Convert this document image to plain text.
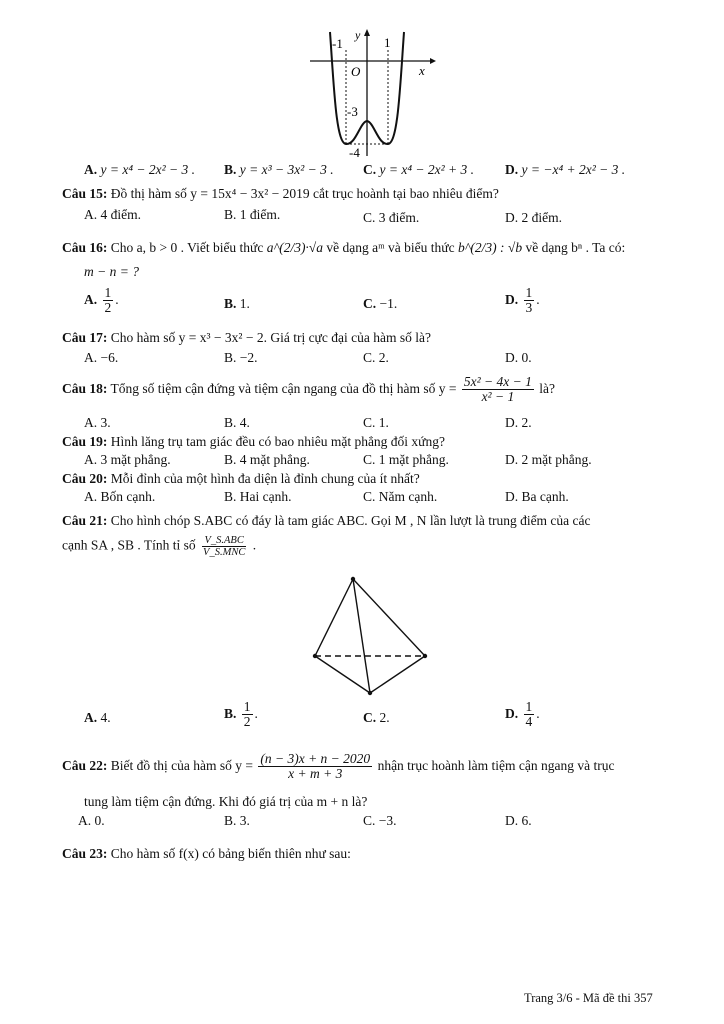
-1
y 1
O	x
-3
-4
A. y = x⁴ − 2x² − 3 . B. y = x³ − 3x² − 3 . C. y = x⁴ − 2x² + 3 . D. y = −x⁴ + 2x² − 3 .
Câu 15: Đồ thị hàm số y = 15x⁴ − 3x² − 2019 cắt trục hoành tại bao nhiêu điểm?
A. 4 điểm.	B. 1 điểm.	C. 3 điểm.	D. 2 điểm.
Câu 16: Cho a, b > 0 . Viết biểu thức a^(2/3)·√a về dạng aᵐ và biểu thức b^(2/3) : √b về dạng bⁿ . Ta có:
m − n = ?
A. $\frac{1}{2}$ .	B. 1.	C. −1.	D. $\frac{1}{3}$ .
Câu 17: Cho hàm số y = x³ − 3x² − 2. Giá trị cực đại của hàm số là?
A. −6.	B. −2.	C. 2.	D. 0.
Câu 18: Tổng số tiệm cận đứng và tiệm cận ngang của đồ thị hàm số $y = \frac{\text{5x² − 4x − 1}}{\text{x² − 1}}$ là?
A. 3.	B. 4.	C. 1.	D. 2.
Câu 19: Hình lăng trụ tam giác đều có bao nhiêu mặt phẳng đối xứng?
A. 3 mặt phẳng.	B. 4 mặt phẳng.	C. 1 mặt phẳng.	D. 2 mặt phẳng.
Câu 20: Mỗi đỉnh của một hình đa diện là đỉnh chung của ít nhất?
A. Bốn cạnh.	B. Hai cạnh.	C. Năm cạnh.	D. Ba cạnh.
Câu 21: Cho hình chóp S.ABC có đáy là tam giác ABC. Gọi M , N lần lượt là trung điểm của các
cạnh SA , SB . Tính tỉ số $\frac{\text{V\_S.ABC}}{\text{V\_S.MNC}}$ .
A. 4.	B. $\frac{1}{2}$ .	C. 2.	D. $\frac{1}{4}$ .
Câu 22: Biết đồ thị của hàm số $y = \frac{(n - 3)x + n - 2020}{x + m + 3}$ nhận trục hoành làm tiệm cận ngang và trục
tung làm tiệm cận đứng. Khi đó giá trị của m + n là?
A. 0.	B. 3.	C. −3.	D. 6.
Câu 23: Cho hàm số f(x) có bảng biến thiên như sau:
Trang 3/6 - Mã đề thi 357
